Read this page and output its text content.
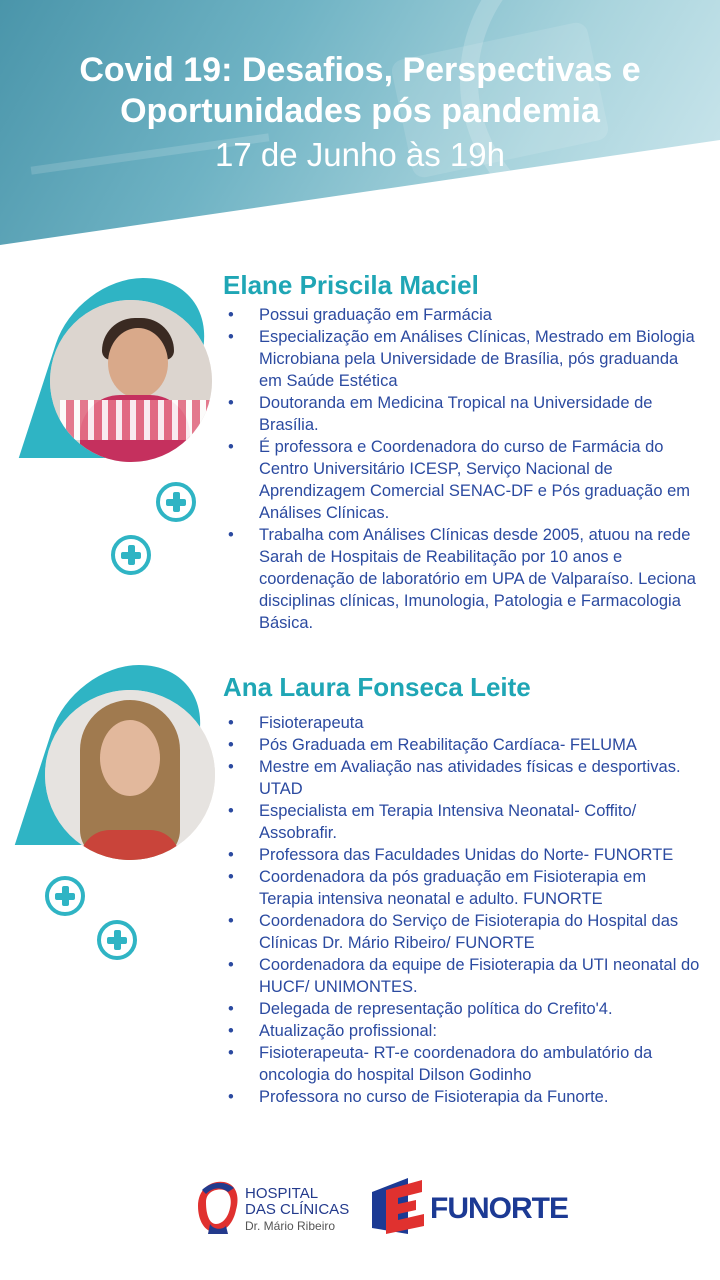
Covid 19: Desafios, Perspectivas e
Oportunidades pós pandemia
17 de Junho às 19h
Elane Priscila Maciel
• Possui graduação em Farmácia
• Especialização em Análises Clínicas, Mestrado em Biologia Microbiana pela Universidade de Brasília, pós graduanda em Saúde Estética
• Doutoranda em Medicina Tropical na Universidade de Brasília.
• É professora e Coordenadora do curso de Farmácia do Centro Universitário ICESP, Serviço Nacional de Aprendizagem Comercial SENAC-DF e Pós graduação em Análises Clínicas.
• Trabalha com Análises Clínicas desde 2005, atuou na rede Sarah de Hospitais de Reabilitação por 10 anos e coordenação de laboratório em UPA de Valparaíso. Leciona disciplinas clínicas, Imunologia, Patologia e Farmacologia Básica.
Ana Laura Fonseca Leite
• Fisioterapeuta
• Pós Graduada em Reabilitação Cardíaca- FELUMA
• Mestre em Avaliação nas atividades físicas e desportivas. UTAD
• Especialista em Terapia Intensiva Neonatal- Coffito/ Assobrafir.
• Professora das Faculdades Unidas do Norte- FUNORTE
• Coordenadora da pós graduação em Fisioterapia em Terapia intensiva neonatal e adulto. FUNORTE
• Coordenadora do Serviço de Fisioterapia do Hospital das Clínicas Dr. Mário Ribeiro/ FUNORTE
• Coordenadora da equipe de Fisioterapia da UTI neonatal do HUCF/ UNIMONTES.
• Delegada de representação política do Crefito'4.
• Atualização profissional:
• Fisioterapeuta- RT-e coordenadora do ambulatório da oncologia do hospital Dilson Godinho
• Professora no curso de Fisioterapia da Funorte.
HOSPITAL
DAS CLÍNICAS
Dr. Mário Ribeiro
FUNORTE
